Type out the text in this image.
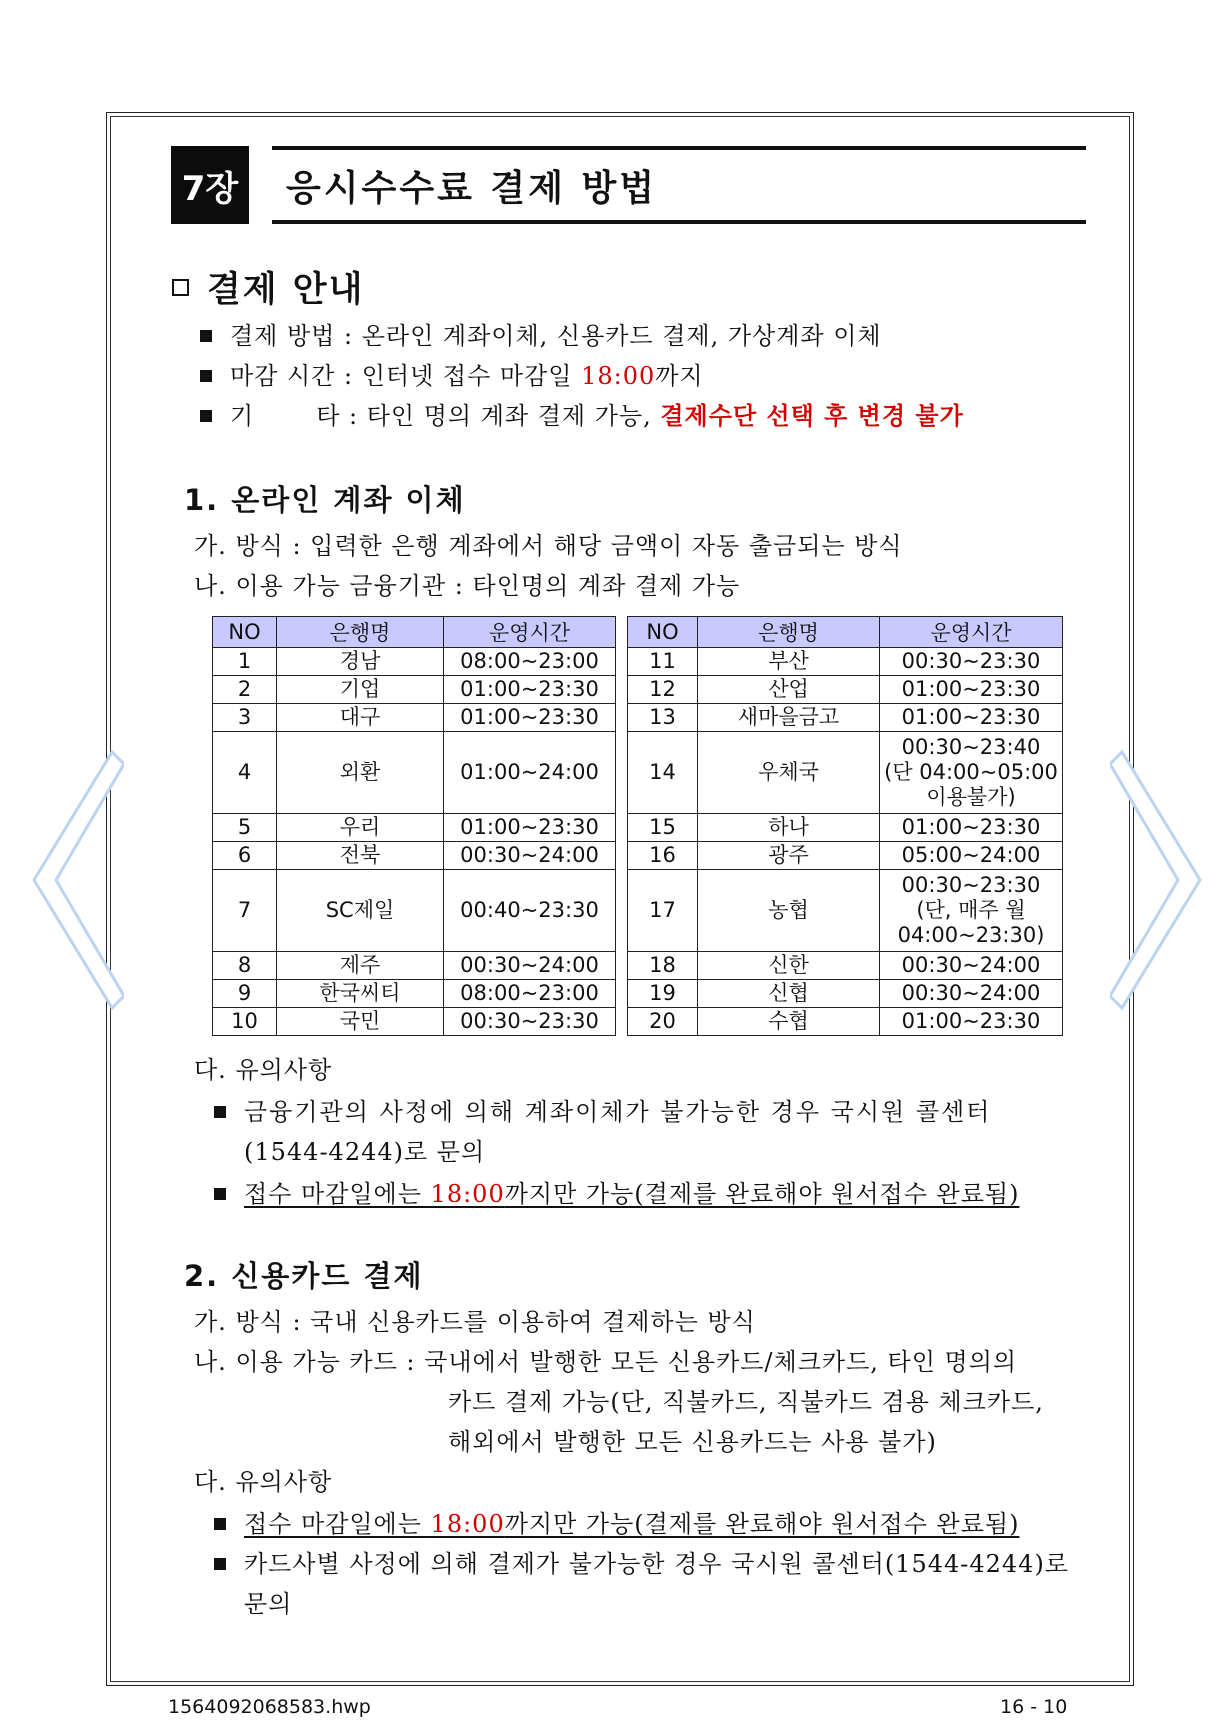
7장 응시수수료 결제 방법
결제 안내
결제 방법 : 온라인 계좌이체, 신용카드 결제, 가상계좌 이체
마감 시간 : 인터넷 접수 마감일 18:00까지
기	타 : 타인 명의 계좌 결제 가능, 결제수단 선택 후 변경 불가
1. 온라인 계좌 이체
가. 방식 : 입력한 은행 계좌에서 해당 금액이 자동 출금되는 방식
나. 이용 가능 금융기관 : 타인명의 계좌 결제 가능
NO	은행명	운영시간
1	경남	08:00~23:00
2	기업	01:00~23:30
3	대구	01:00~23:30
4	외환	01:00~24:00
5	우리	01:00~23:30
6	전북	00:30~24:00
7	SC제일	00:40~23:30
8	제주	00:30~24:00
9	한국씨티	08:00~23:00
10	국민	00:30~23:30
NO	은행명	운영시간
11	부산	00:30~23:30
12	산업	01:00~23:30
13	새마을금고	01:00~23:30
14	우체국	00:30~23:40
(단 04:00~05:00
이용불가)

15	하나	01:00~23:30
16	광주	05:00~24:00
17	농협	00:30~23:30
(단, 매주 월
04:00~23:30)

18	신한	00:30~24:00
19	신협	00:30~24:00
20	수협	01:00~23:30
다. 유의사항
금융기관의 사정에 의해 계좌이체가 불가능한 경우 국시원 콜센터
(1544-4244)로 문의
접수 마감일에는 18:00까지만 가능(결제를 완료해야 원서접수 완료됨)
2. 신용카드 결제
가. 방식 : 국내 신용카드를 이용하여 결제하는 방식
나. 이용 가능 카드 : 국내에서 발행한 모든 신용카드/체크카드, 타인 명의의
카드 결제 가능(단, 직불카드, 직불카드 겸용 체크카드,
해외에서 발행한 모든 신용카드는 사용 불가)
다. 유의사항
접수 마감일에는 18:00까지만 가능(결제를 완료해야 원서접수 완료됨)
카드사별 사정에 의해 결제가 불가능한 경우 국시원 콜센터(1544-4244)로
문의
1564092068583.hwp	16 - 10
